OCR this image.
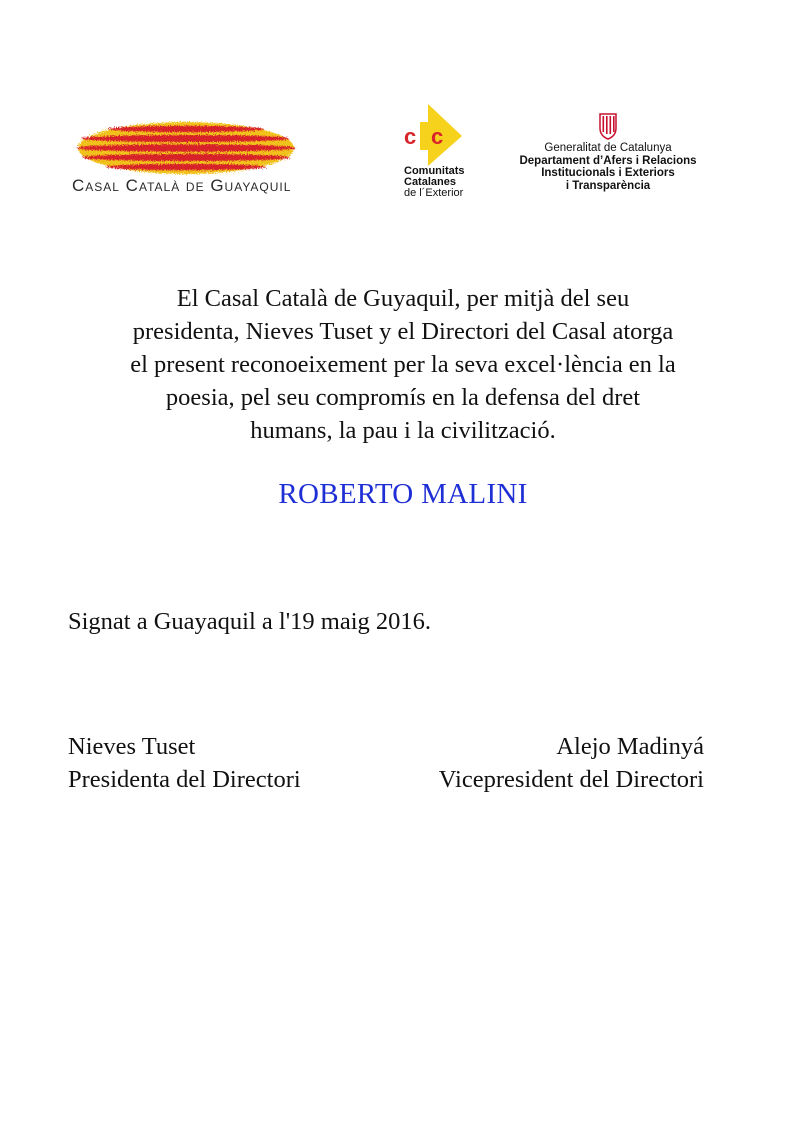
Casal Català de Guayaquil
c c
Comunitats
Catalanes
de l´Exterior
Generalitat de Catalunya
Departament d’Afers i Relacions
Institucionals i Exteriors
i Transparència
El Casal Català de Guyaquil, per mitjà del seu
presidenta, Nieves Tuset y el Directori del Casal atorga
el present reconoeixement per la seva excel·lència en la
poesia, pel seu compromís en la defensa del dret
humans, la pau i la civilització.
ROBERTO MALINI
Signat a Guayaquil a l'19 maig 2016.
Nieves Tuset
Presidenta del Directori
Alejo Madinyá
Vicepresident del Directori
